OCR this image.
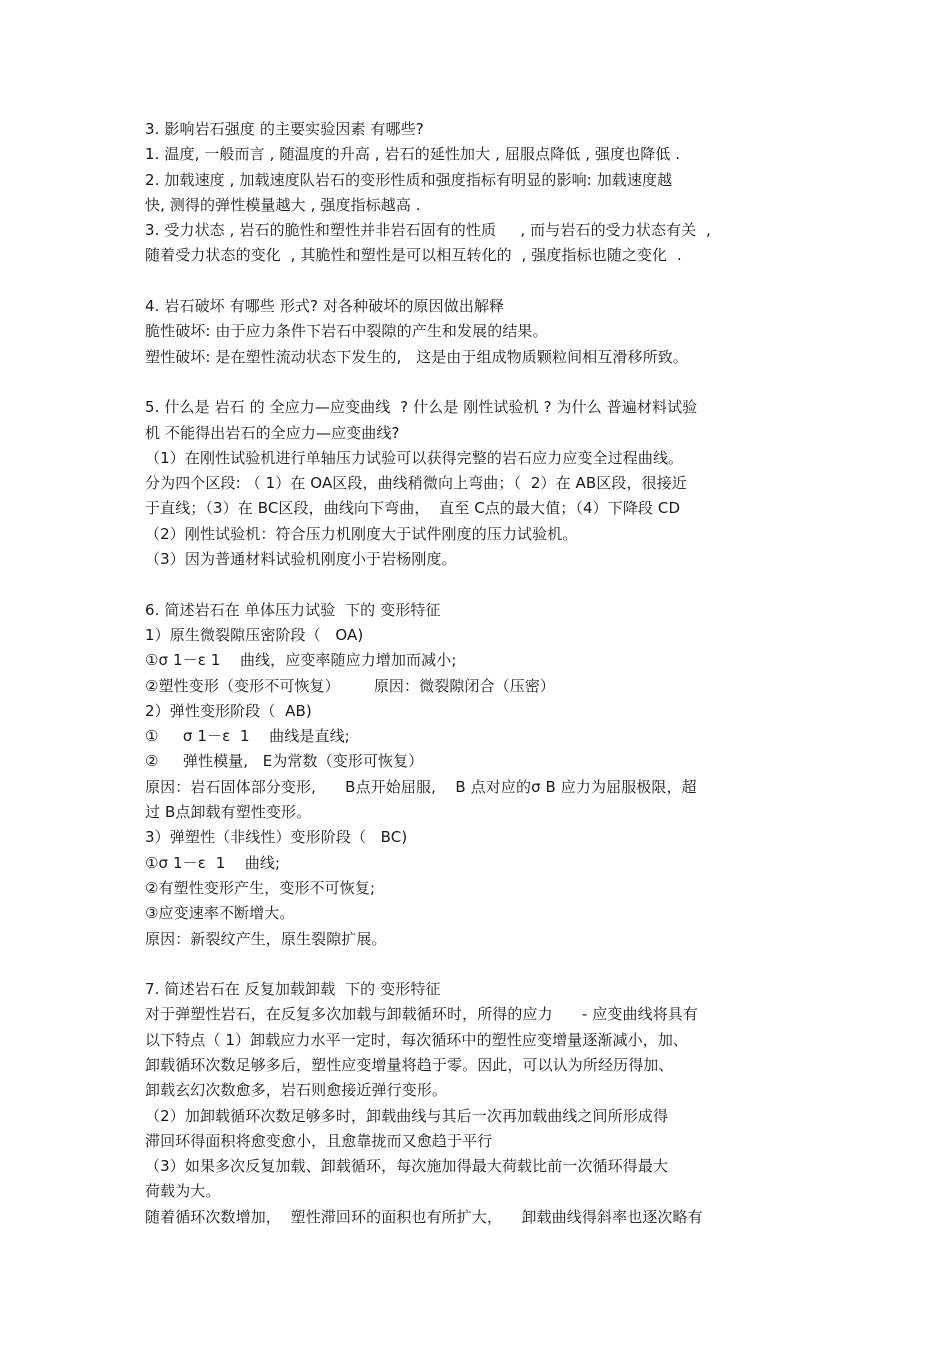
3. 影响岩石强度 的主要实验因素 有哪些?
1. 温度, 一般而言 , 随温度的升高 , 岩石的延性加大 , 屈服点降低 , 强度也降低 .
2. 加载速度 , 加载速度队岩石的变形性质和强度指标有明显的影响: 加载速度越
快, 测得的弹性模量越大 , 强度指标越高 .
3. 受力状态 , 岩石的脆性和塑性并非岩石固有的性质     , 而与岩石的受力状态有关  ,
随着受力状态的变化  , 其脆性和塑性是可以相互转化的  , 强度指标也随之变化  .
4. 岩石破坏 有哪些 形式? 对各种破坏的原因做出解释
脆性破坏: 由于应力条件下岩石中裂隙的产生和发展的结果。
塑性破坏: 是在塑性流动状态下发生的,   这是由于组成物质颗粒间相互滑移所致。
5. 什么是 岩石 的 全应力—应变曲线  ? 什么是 刚性试验机 ? 为什么 普遍材料试验
机 不能得出岩石的全应力—应变曲线?
（1）在刚性试验机进行单轴压力试验可以获得完整的岩石应力应变全过程曲线。
分为四个区段: （ 1）在 OA区段，曲线稍微向上弯曲；（  2）在 AB区段，很接近
于直线；（3）在 BC区段，曲线向下弯曲，  直至 C点的最大值；（4）下降段 CD
（2）刚性试验机：符合压力机刚度大于试件刚度的压力试验机。
（3）因为普通材料试验机刚度小于岩杨刚度。
6. 简述岩石在 单体压力试验  下的 变形特征
1）原生微裂隙压密阶段（   OA)
①σ 1－ε 1    曲线，应变率随应力增加而减小;
②塑性变形（变形不可恢复）       原因：微裂隙闭合（压密）
2）弹性变形阶段（  AB)
①     σ 1－ε  1    曲线是直线;
②     弹性模量,   E为常数（变形可恢复）
原因：岩石固体部分变形,      B点开始屈服,    B 点对应的σ B 应力为屈服极限，超
过 B点卸载有塑性变形。
3）弹塑性（非线性）变形阶段（   BC)
①σ 1－ε  1    曲线;
②有塑性变形产生，变形不可恢复;
③应变速率不断增大。
原因：新裂纹产生，原生裂隙扩展。
7. 简述岩石在 反复加载卸载  下的 变形特征
对于弹塑性岩石，在反复多次加载与卸载循环时，所得的应力      - 应变曲线将具有
以下特点（ 1）卸载应力水平一定时，每次循环中的塑性应变增量逐渐减小，加、
卸载循环次数足够多后，塑性应变增量将趋于零。因此，可以认为所经历得加、
卸载玄幻次数愈多，岩石则愈接近弹行变形。
（2）加卸载循环次数足够多时，卸载曲线与其后一次再加载曲线之间所形成得
滞回环得面积将愈变愈小，且愈靠拢而又愈趋于平行
（3）如果多次反复加载、卸载循环，每次施加得最大荷载比前一次循环得最大
荷载为大。
随着循环次数增加，  塑性滞回环的面积也有所扩大，    卸载曲线得斜率也逐次略有
